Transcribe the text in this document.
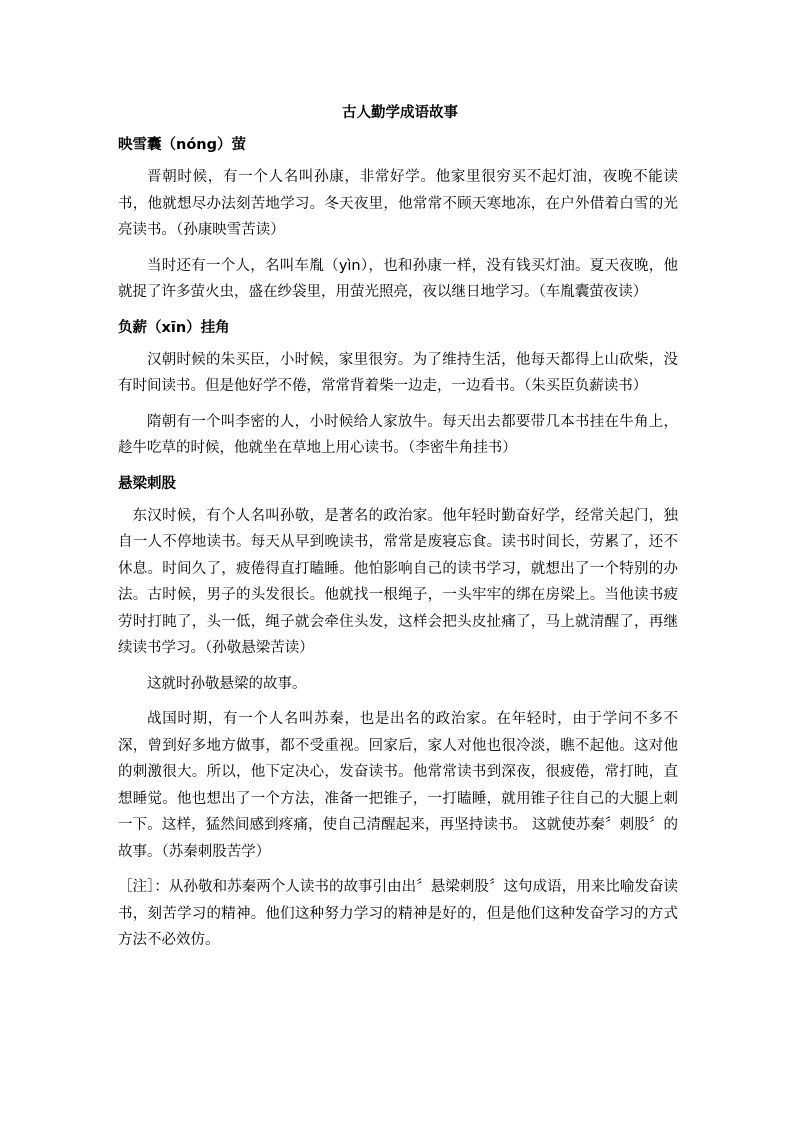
古人勤学成语故事
映雪囊（nóng）萤

晋朝时候，有一个人名叫孙康，非常好学。他家里很穷买不起灯油，夜晚不能读书，他就想尽办法刻苦地学习。冬天夜里，他常常不顾天寒地冻，在户外借着白雪的光亮读书。（孙康映雪苦读）

当时还有一个人，名叫车胤（yìn），也和孙康一样，没有钱买灯油。夏天夜晚，他就捉了许多萤火虫，盛在纱袋里，用萤光照亮，夜以继日地学习。（车胤囊萤夜读）

负薪（xīn）挂角

汉朝时候的朱买臣，小时候，家里很穷。为了维持生活，他每天都得上山砍柴，没有时间读书。但是他好学不倦，常常背着柴一边走，一边看书。（朱买臣负薪读书）

隋朝有一个叫李密的人，小时候给人家放牛。每天出去都要带几本书挂在牛角上，趁牛吃草的时候，他就坐在草地上用心读书。（李密牛角挂书）

悬梁刺股

东汉时候，有个人名叫孙敬，是著名的政治家。他年轻时勤奋好学，经常关起门，独自一人不停地读书。每天从早到晚读书，常常是废寝忘食。读书时间长，劳累了，还不休息。时间久了，疲倦得直打瞌睡。他怕影响自己的读书学习，就想出了一个特别的办法。古时候，男子的头发很长。他就找一根绳子，一头牢牢的绑在房梁上。当他读书疲劳时打盹了，头一低，绳子就会牵住头发，这样会把头皮扯痛了，马上就清醒了，再继续读书学习。（孙敬悬梁苦读）

这就时孙敬悬梁的故事。

战国时期，有一个人名叫苏秦，也是出名的政治家。在年轻时，由于学问不多不深，曾到好多地方做事，都不受重视。回家后，家人对他也很冷淡，瞧不起他。这对他的刺激很大。所以，他下定决心，发奋读书。他常常读书到深夜，很疲倦，常打盹，直想睡觉。他也想出了一个方法，准备一把锥子，一打瞌睡，就用锥子往自己的大腿上刺一下。这样，猛然间感到疼痛，使自己清醒起来，再坚持读书。 这就使苏秦〞刺股〞的故事。（苏秦刺股苦学）

［注］：从孙敬和苏秦两个人读书的故事引由出〞悬梁刺股〞这句成语，用来比喻发奋读书，刻苦学习的精神。他们这种努力学习的精神是好的，但是他们这种发奋学习的方式方法不必效仿。
